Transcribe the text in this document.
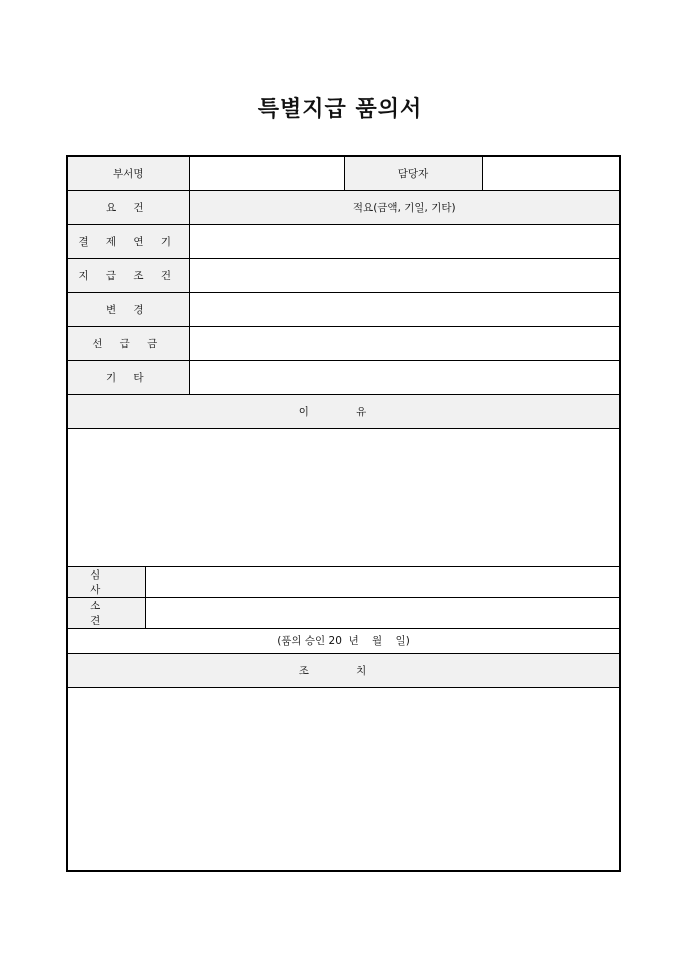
특별지급 품의서
부서명			담당자	
요 건		적요(금액, 기일, 기타)		
결 제 연 기				
지 급 조 건				
변 경				
선 급 금				
기 타				
이 유				

심 사				
소 견				
(품의 승인 20  년    월    일)				
조 치				
